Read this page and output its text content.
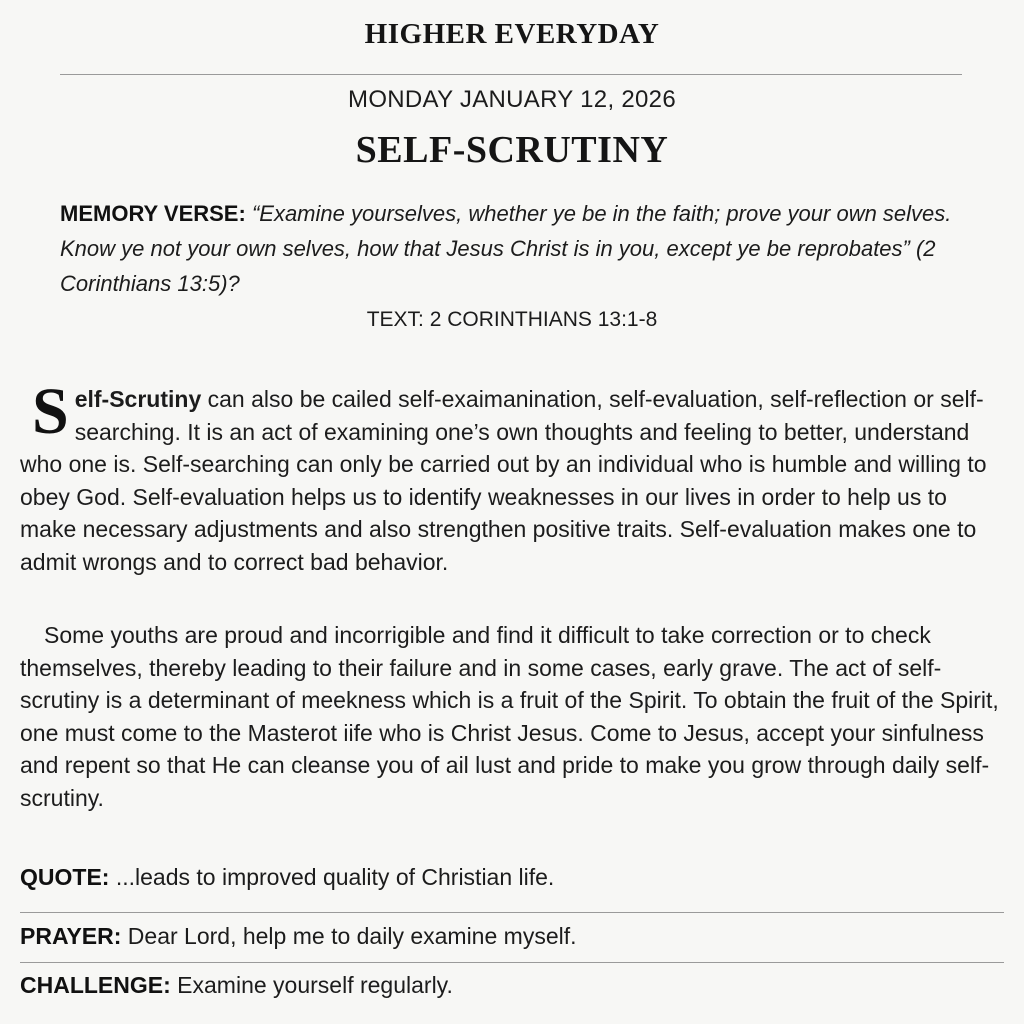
HIGHER EVERYDAY
MONDAY JANUARY 12, 2026
SELF-SCRUTINY
MEMORY VERSE: “Examine yourselves, whether ye be in the faith; prove your own selves. Know ye not your own selves, how that Jesus Christ is in you, except ye be reprobates” (2 Corinthians 13:5)?
TEXT: 2 CORINTHIANS 13:1-8
Self-Scrutiny can also be cailed self-exaimanination, self-evaluation, self-reflection or self-searching. It is an act of examining one’s own thoughts and feeling to better, understand who one is. Self-searching can only be carried out by an individual who is humble and willing to obey God. Self-evaluation helps us to identify weaknesses in our lives in order to help us to make necessary adjustments and also strengthen positive traits. Self-evaluation makes one to admit wrongs and to correct bad behavior.
Some youths are proud and incorrigible and find it difficult to take correction or to check themselves, thereby leading to their failure and in some cases, early grave. The act of self-scrutiny is a determinant of meekness which is a fruit of the Spirit. To obtain the fruit of the Spirit, one must come to the Masterot iife who is Christ Jesus. Come to Jesus, accept your sinfulness and repent so that He can cleanse you of ail lust and pride to make you grow through daily self-scrutiny.
QUOTE: ...leads to improved quality of Christian life.
PRAYER: Dear Lord, help me to daily examine myself.
CHALLENGE: Examine yourself regularly.
